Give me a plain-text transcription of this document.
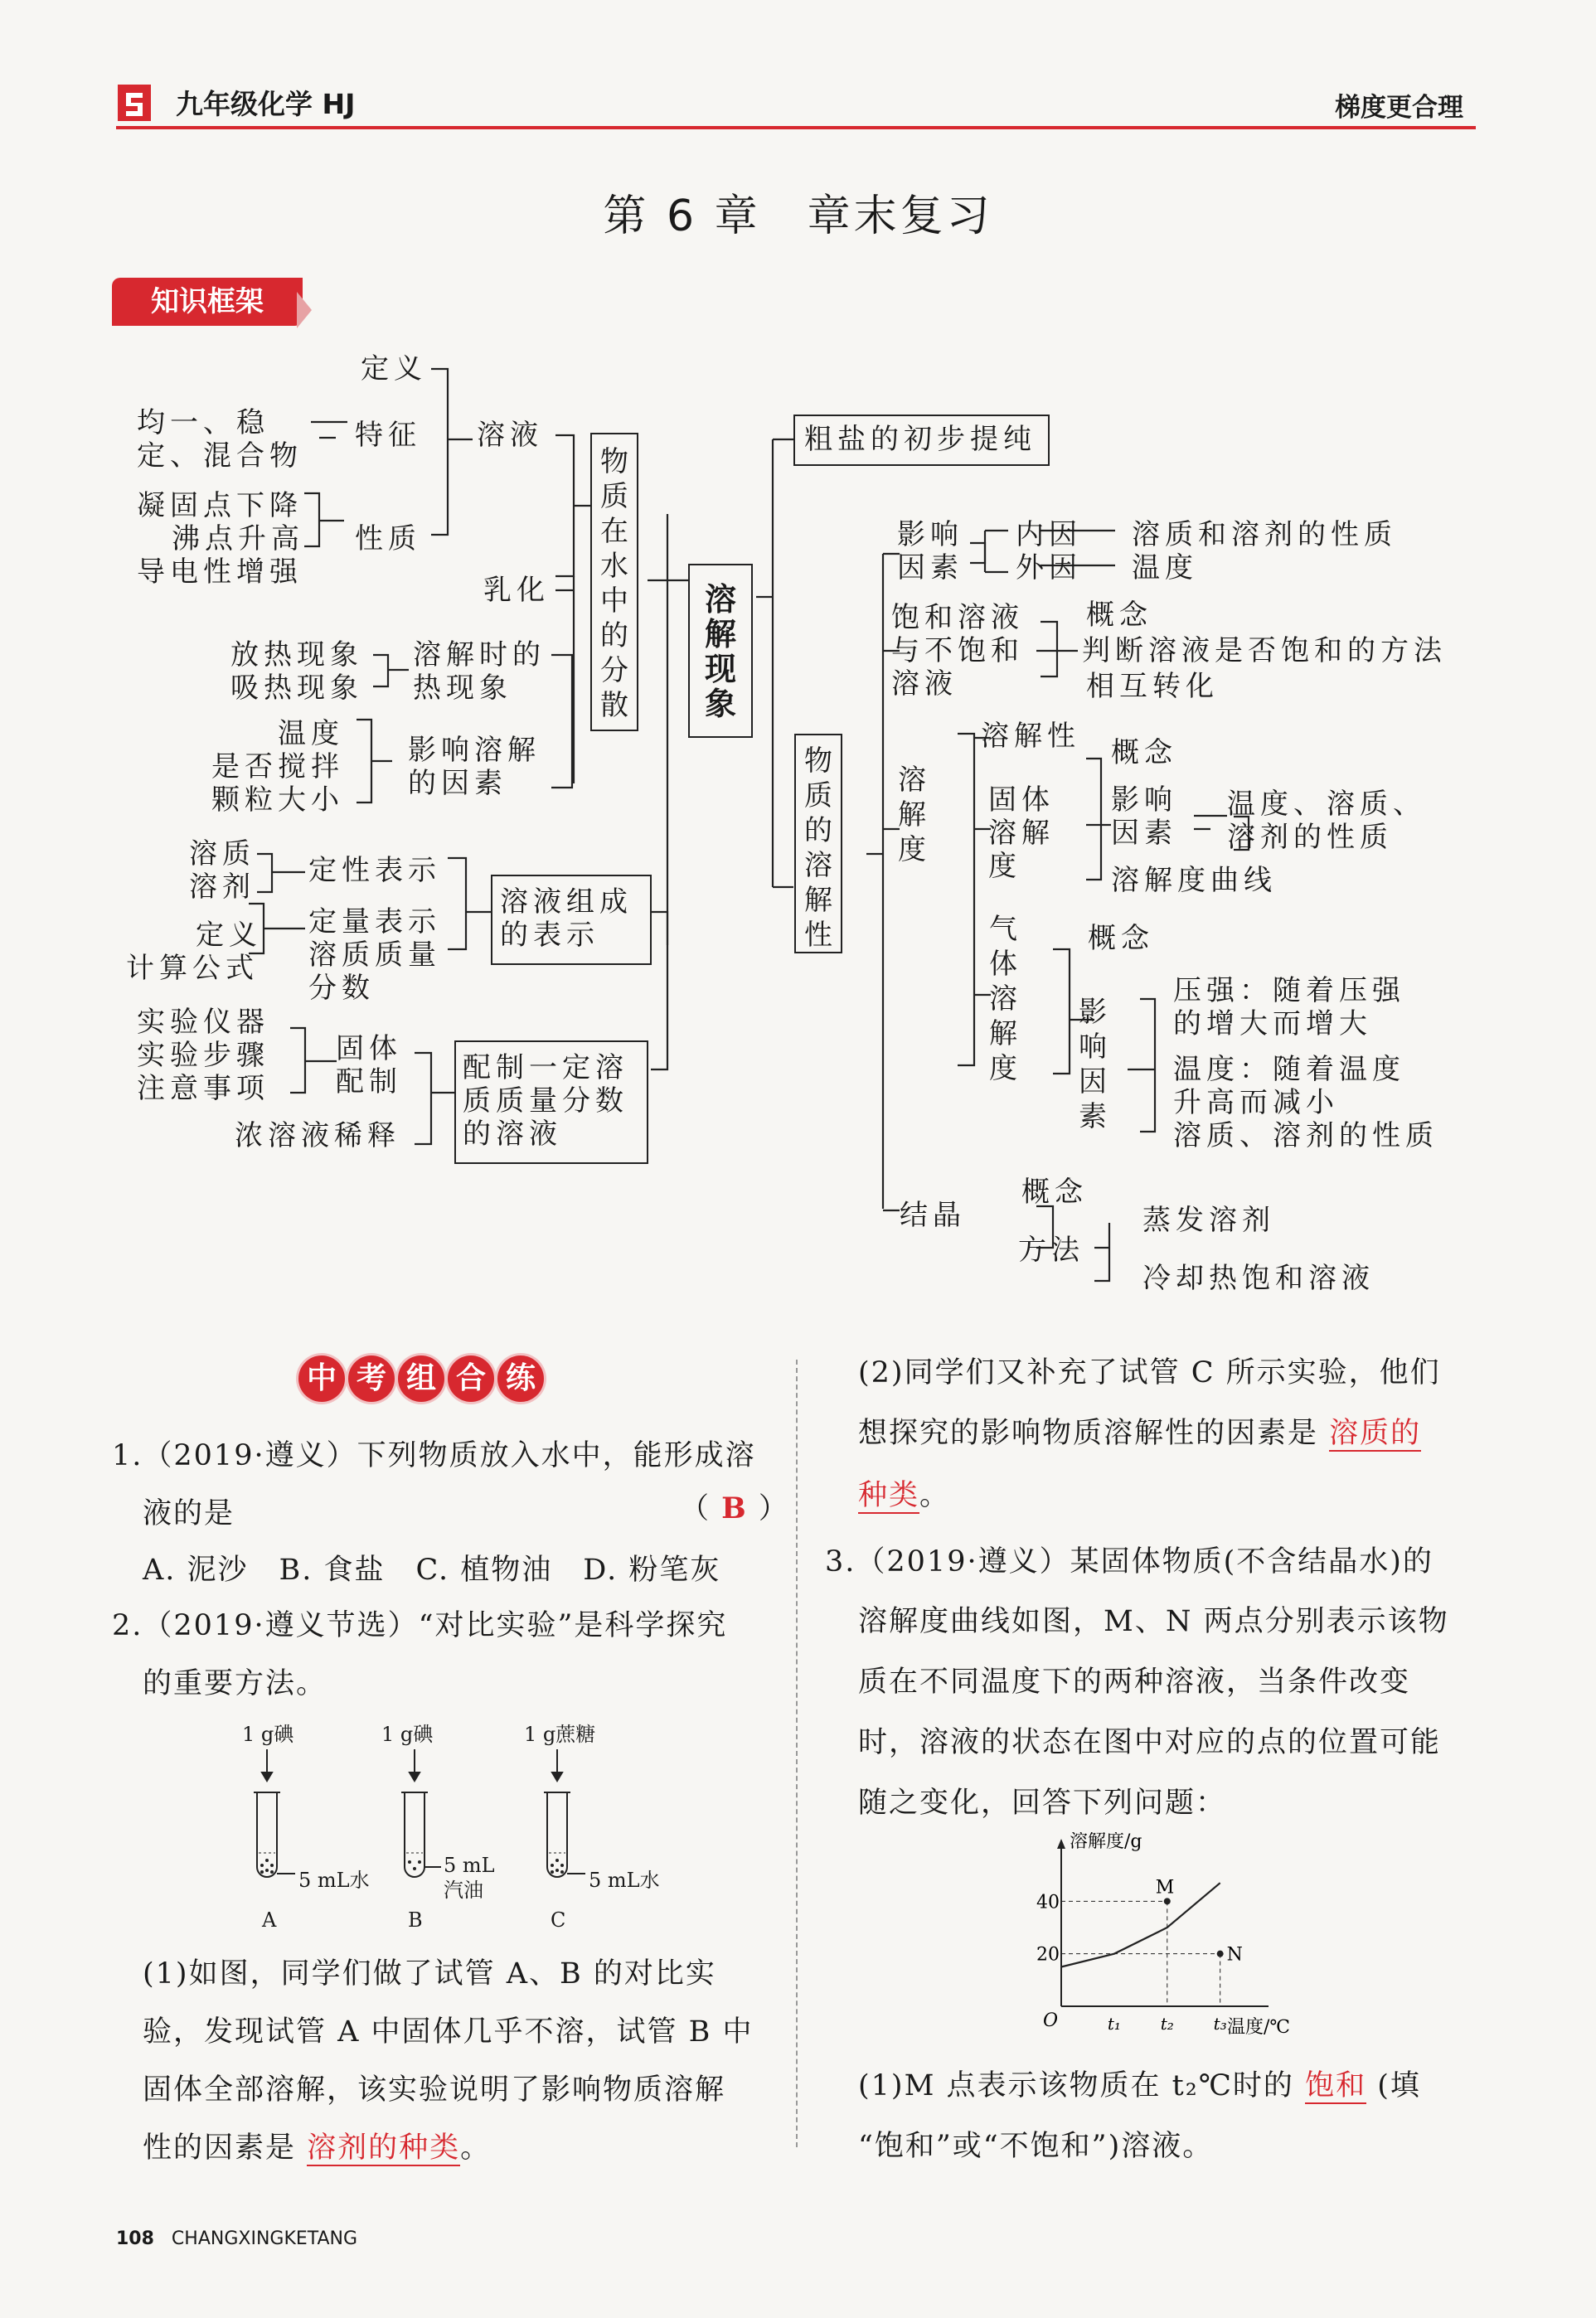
九年级化学 HJ	梯度更合理
第 6 章　章末复习
知识框架
定义
均一、稳
定、混合物
特征 溶液
凝固点下降
沸点升高
导电性增强
性质
乳化
放热现象
吸热现象
溶解时的
热现象
温度
是否搅拌
颗粒大小
影响溶解
的因素
溶质
溶剂 定性表示
定义
计算公式
定量表示
溶质质量
分数
溶液组成
的表示
实验仪器
实验步骤
注意事项
固体
配制
浓溶液稀释
配制一定溶
质质量分数
的溶液
物质在水中的分散
溶解现象
物质的溶解性
粗盐的初步提纯
影响
因素
内因
外因
溶质和溶剂的性质
温度
饱和溶液
与不饱和
溶液
概念
判断溶液是否饱和的方法
相互转化
溶解性
溶解度
固体
溶解
度
概念
影响
因素
温度、溶质、
溶剂的性质
溶解度曲线
气体溶解度
概念
影响因素
压强：随着压强
的增大而增大
温度：随着温度
升高而减小
溶质、溶剂的性质
结晶
概念
方法
蒸发溶剂
冷却热饱和溶液
中 考 组 合 练
1.（2019·遵义）下列物质放入水中，能形成溶
液的是	（ B ）
A. 泥沙　B. 食盐　C. 植物油　D. 粉笔灰
2.（2019·遵义节选）“对比实验”是科学探究
的重要方法。
1 g碘	1 g碘	1 g蔗糖
5 mL水
5 mL 汽油	5 mL水
A	B	C
(1)如图，同学们做了试管 A、B 的对比实
验，发现试管 A 中固体几乎不溶，试管 B 中
固体全部溶解，该实验说明了影响物质溶解
性的因素是 溶剂的种类。
(2)同学们又补充了试管 C 所示实验，他们
想探究的影响物质溶解性的因素是 溶质的
种类。
3.（2019·遵义）某固体物质(不含结晶水)的
溶解度曲线如图，M、N 两点分别表示该物
质在不同温度下的两种溶液，当条件改变
时，溶液的状态在图中对应的点的位置可能
随之变化，回答下列问题：
溶解度/g
温度/℃
O
20
40
t₁ t₂ t₃
M
N
(1)M 点表示该物质在 t₂℃时的 饱和 (填
“饱和”或“不饱和”)溶液。
108 CHANGXINGKETANG
